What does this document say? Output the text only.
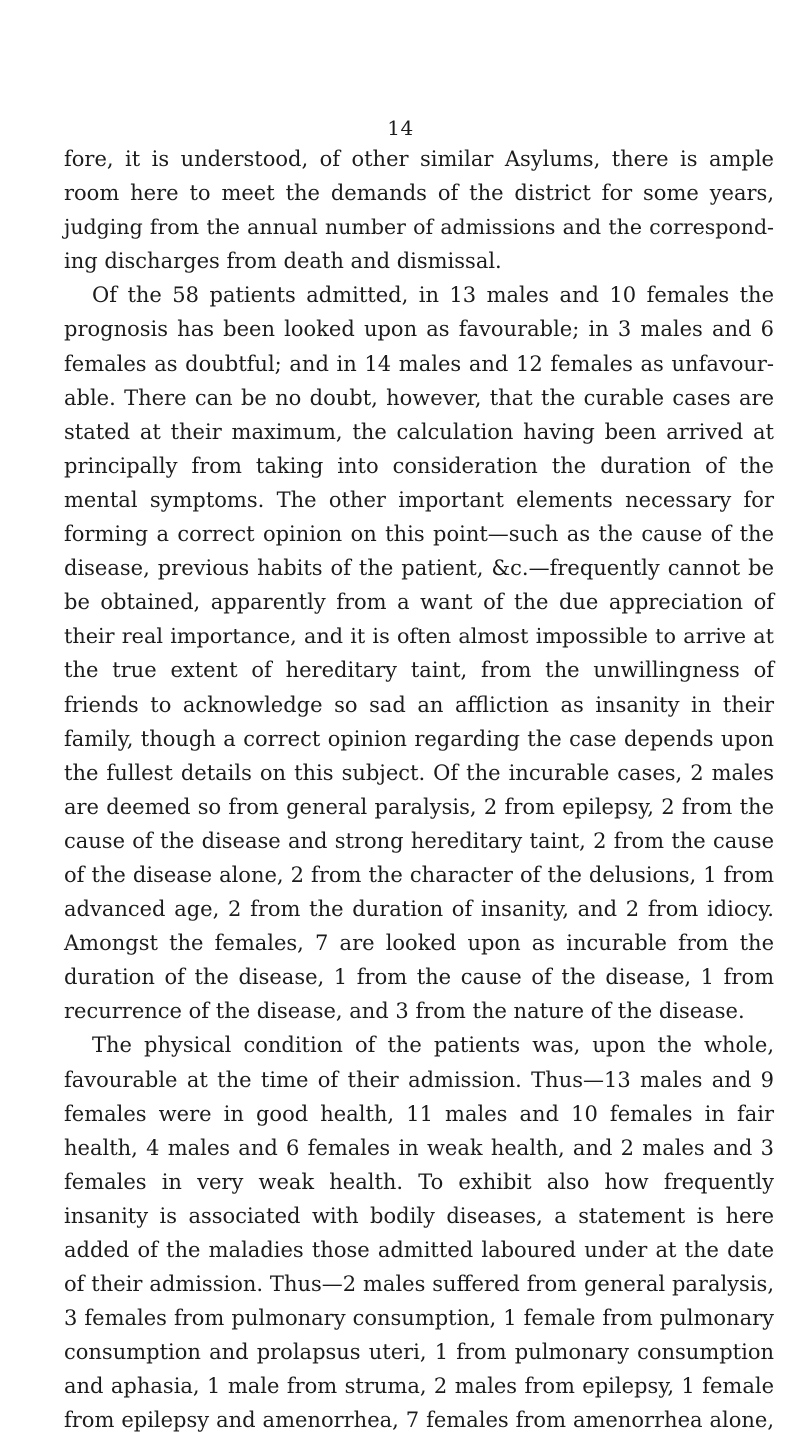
14
fore, it is understood, of other similar Asylums, there is ample
room here to meet the demands of the district for some years,
judging from the annual number of admissions and the correspond-
ing discharges from death and dismissal.
Of the 58 patients admitted, in 13 males and 10 females the
prognosis has been looked upon as favourable; in 3 males and 6
females as doubtful; and in 14 males and 12 females as unfavour-
able. There can be no doubt, however, that the curable cases are
stated at their maximum, the calculation having been arrived at
principally from taking into consideration the duration of the
mental symptoms. The other important elements necessary for
forming a correct opinion on this point—such as the cause of the
disease, previous habits of the patient, &c.—frequently cannot be
be obtained, apparently from a want of the due appreciation of
their real importance, and it is often almost impossible to arrive at
the true extent of hereditary taint, from the unwillingness of
friends to acknowledge so sad an affliction as insanity in their
family, though a correct opinion regarding the case depends upon
the fullest details on this subject. Of the incurable cases, 2 males
are deemed so from general paralysis, 2 from epilepsy, 2 from the
cause of the disease and strong hereditary taint, 2 from the cause
of the disease alone, 2 from the character of the delusions, 1 from
advanced age, 2 from the duration of insanity, and 2 from idiocy.
Amongst the females, 7 are looked upon as incurable from the
duration of the disease, 1 from the cause of the disease, 1 from
recurrence of the disease, and 3 from the nature of the disease.
The physical condition of the patients was, upon the whole,
favourable at the time of their admission. Thus—13 males and 9
females were in good health, 11 males and 10 females in fair
health, 4 males and 6 females in weak health, and 2 males and 3
females in very weak health. To exhibit also how frequently
insanity is associated with bodily diseases, a statement is here
added of the maladies those admitted laboured under at the date
of their admission. Thus—2 males suffered from general paralysis,
3 females from pulmonary consumption, 1 female from pulmonary
consumption and prolapsus uteri, 1 from pulmonary consumption
and aphasia, 1 male from struma, 2 males from epilepsy, 1 female
from epilepsy and amenorrhea, 7 females from amenorrhea alone,
